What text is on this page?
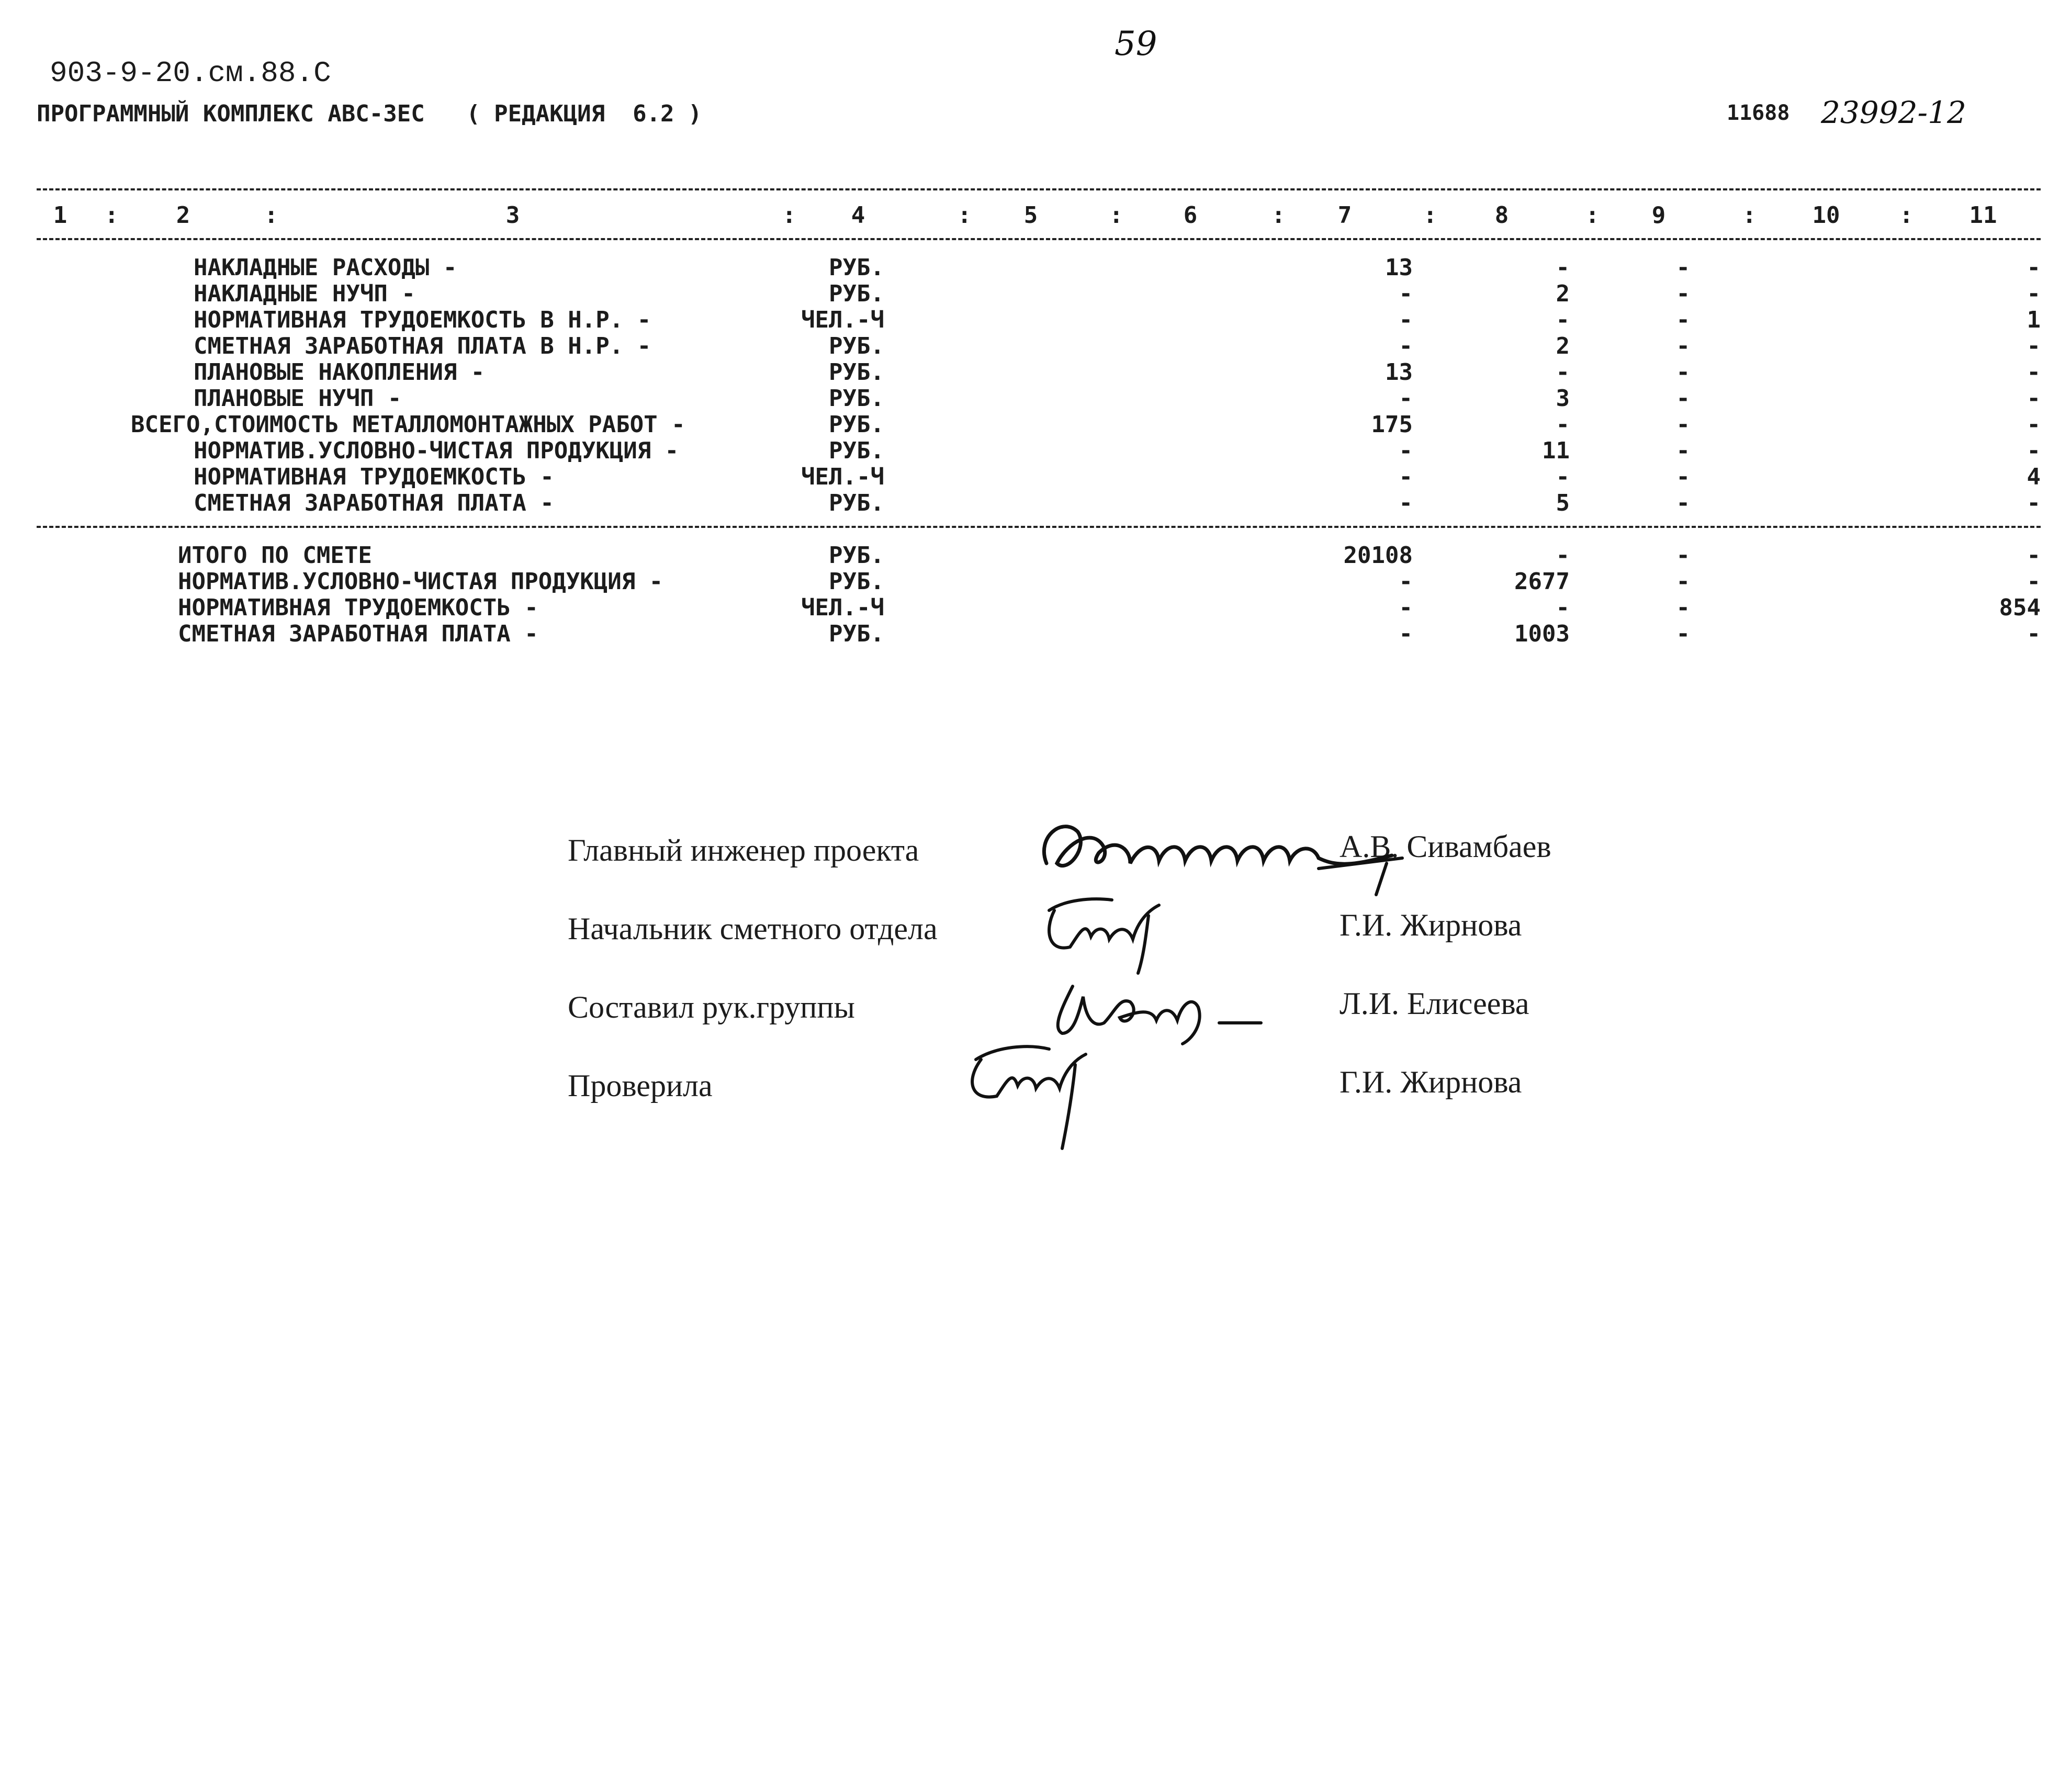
59
903-9-20.см.88.С
ПРОГРАММНЫЙ КОМПЛЕКС АВС-3ЕС   ( РЕДАКЦИЯ  6.2 )	11688 23992-12
1	2	3	4	5	6	7	8	9	10	11
:	:	:	:	:	:	:	:	:	:
НАКЛАДНЫЕ РАСХОДЫ -	РУБ.	13	-	-	-
НАКЛАДНЫЕ НУЧП -	РУБ.	-	2	-	-
НОРМАТИВНАЯ ТРУДОЕМКОСТЬ В Н.Р. -	ЧЕЛ.-Ч	-	-	-	1
СМЕТНАЯ ЗАРАБОТНАЯ ПЛАТА В Н.Р. -	РУБ.	-	2	-	-
ПЛАНОВЫЕ НАКОПЛЕНИЯ -	РУБ.	13	-	-	-
ПЛАНОВЫЕ НУЧП -	РУБ.	-	3	-	-
ВСЕГО,СТОИМОСТЬ МЕТАЛЛОМОНТАЖНЫХ РАБОТ -	РУБ.	175	-	-	-
НОРМАТИВ.УСЛОВНО-ЧИСТАЯ ПРОДУКЦИЯ -	РУБ.	-	11	-	-
НОРМАТИВНАЯ ТРУДОЕМКОСТЬ -	ЧЕЛ.-Ч	-	-	-	4
СМЕТНАЯ ЗАРАБОТНАЯ ПЛАТА -	РУБ.	-	5	-	-
ИТОГО ПО СМЕТЕ	РУБ.	20108	-	-	-
НОРМАТИВ.УСЛОВНО-ЧИСТАЯ ПРОДУКЦИЯ -	РУБ.	-	2677	-	-
НОРМАТИВНАЯ ТРУДОЕМКОСТЬ -	ЧЕЛ.-Ч	-	-	-	854
СМЕТНАЯ ЗАРАБОТНАЯ ПЛАТА -	РУБ.	-	1003	-	-
Главный инженер проекта	А.В. Сивамбаев
Начальник сметного отдела	Г.И. Жирнова
Составил рук.группы	Л.И. Елисеева
Проверила	Г.И. Жирнова
